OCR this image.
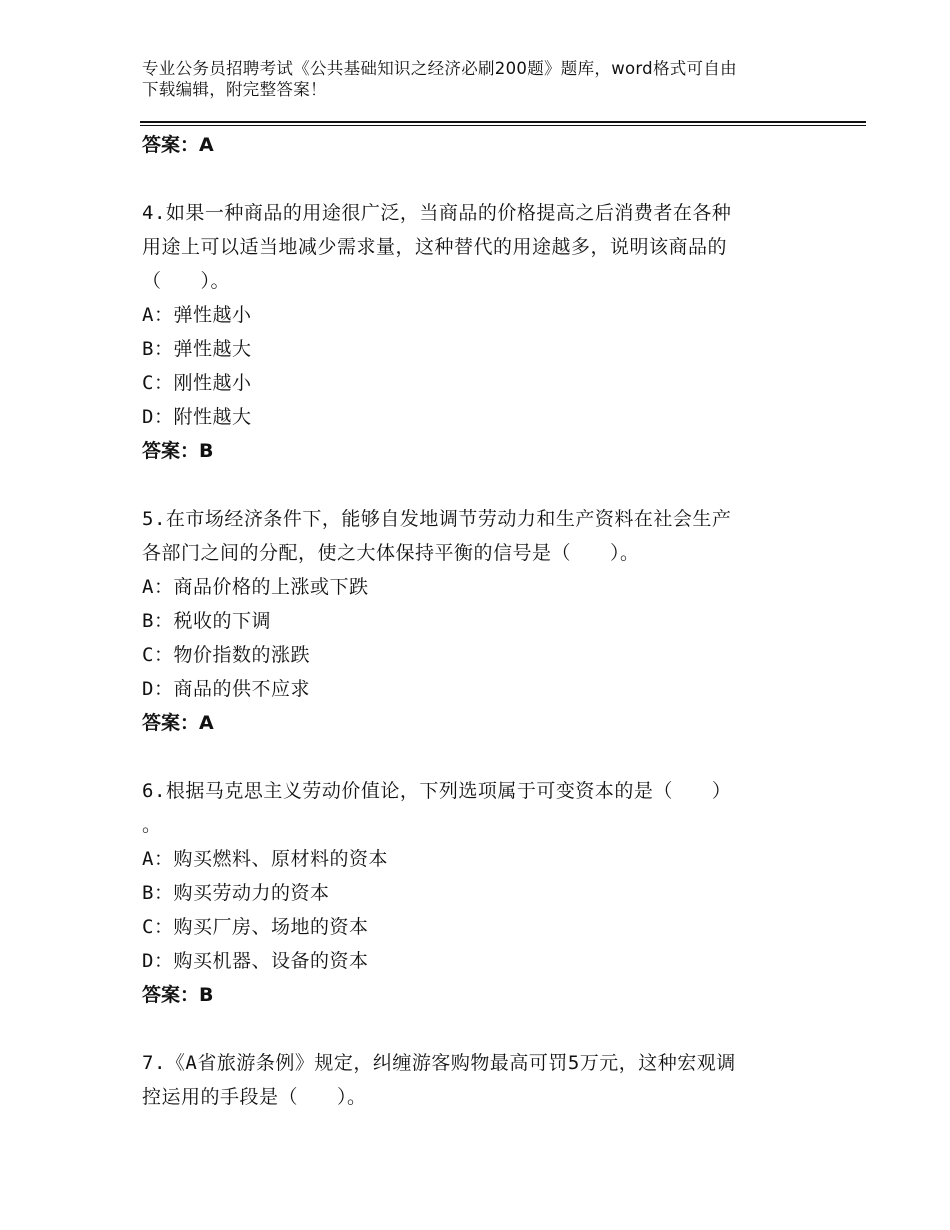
专业公务员招聘考试《公共基础知识之经济必刷200题》题库，word格式可自由
下载编辑，附完整答案！
答案：A
4.如果一种商品的用途很广泛，当商品的价格提高之后消费者在各种
用途上可以适当地减少需求量，这种替代的用途越多，说明该商品的
（　　）。
A：弹性越小
B：弹性越大
C：刚性越小
D：附性越大
答案：B
5.在市场经济条件下，能够自发地调节劳动力和生产资料在社会生产
各部门之间的分配，使之大体保持平衡的信号是（　　）。
A：商品价格的上涨或下跌
B：税收的下调
C：物价指数的涨跌
D：商品的供不应求
答案：A
6.根据马克思主义劳动价值论，下列选项属于可变资本的是（　　）
。
A：购买燃料、原材料的资本
B：购买劳动力的资本
C：购买厂房、场地的资本
D：购买机器、设备的资本
答案：B
7.《A省旅游条例》规定，纠缠游客购物最高可罚5万元，这种宏观调
控运用的手段是（　　）。
